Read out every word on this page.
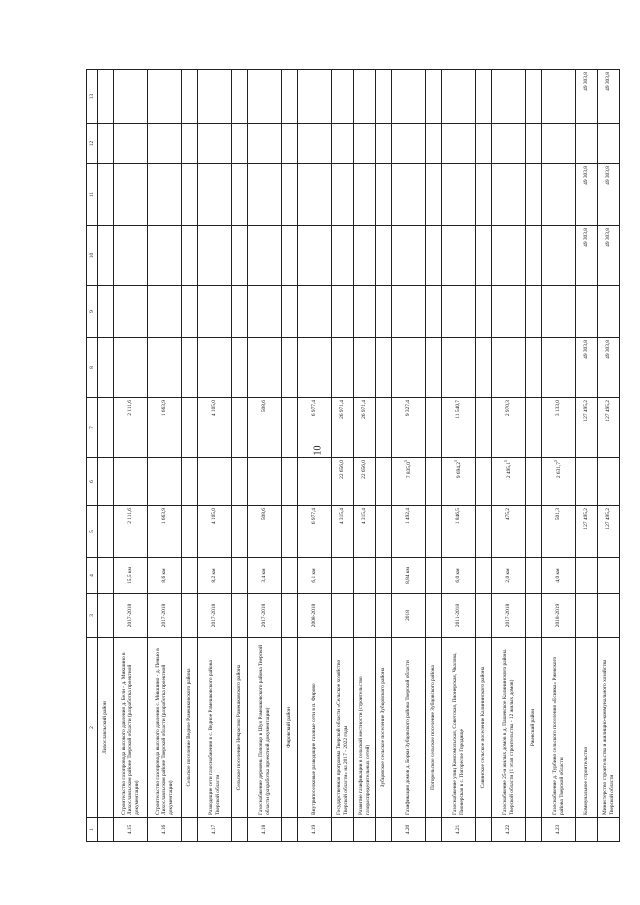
10
1	2	3	4	5	6	7	8	9	10	11	12	13
	Лихославльский район											
4.15	Строительство газопровода высокого давления д. Бели - д. Микшино в Лихославльском районе Тверской области (разработка проектной документации)	2017-2018	15,5 км	2 111,6		2 111,6						
4.16	Строительство газопровода высокого давления с. Микшино - д. Пенью в Лихославльском районе Тверской области (разработка проектной документации)	2017-2018	8,6 км	1 663,9		1 663,9						
	Сельское поселение Ведное Рамешковского района											
4.17	Разводящие сети газоснабжения в с. Ведное Рамешковского района Тверской области	2017-2018	8,2 км	4 105,0		4 105,0						
	Сельское поселение Некрасово Рамешковского района											
4.18	Газоснабжение деревень Поповцо в Шуя Рамешковского района Тверской области (разработка проектной документации)	2017-2018	3,4 км	508,6		508,6						
	Фировский район											
4.19	Внутрипоселковые разводящие газовые сети в п. Фирово	2008-2018	6,1 км	6 977,4		6 977,4						
	Государственная программа Тверской области «Сельское хозяйство Тверской области» на 2017 - 2022 годы			4 315,4	22 656,0	26 971,4						
	Развитие газификации в сельской местности (строительство газораспределительных сетей)			4 315,4	22 656,0	26 971,4						
	Зубцовское сельское поселение Зубцовского района											
4.20	Газификация домов д. Борки Зубцовского района Тверской области	2018	8,84 км	1 492,4	7 835,0$^5$	9 327,4						
	Погорельское сельское поселение Зубцовского района											
4.21	Газоснабжение улиц Комсомольская, Советская, Пионерская, Чкалова, Пионерская в с. Погорелое Городище	2011-2018	6,0 км	1 846,5	9 694,2$^5$	11 540,7						
	Савинское сельское поселение Калининского района											
4.22	Газоснабжение 25-и жилых домов в д. Пашевское Калининского района Тверской области (1 этап строительства - 12 жилых домов)	2017-2018	2,0 км	475,2	2 495,1$^5$	2 970,3						
	Ржевский район											
4.23	Газоснабжение д. Турбино сельского поселения «Есинка» Ржевского района Тверской области	2018-2019	4,0 км	501,3	2 631,7$^5$	3 133,0						
	Коммунальное строительство			127 495,2		127 495,2	49 303,8		49 303,8	49 303,8		49 303,8
	Министерство строительства и жилищно-коммунального хозяйства Тверской области			127 495,2		127 495,2	49 303,8		49 303,8	49 303,8		49 303,8
